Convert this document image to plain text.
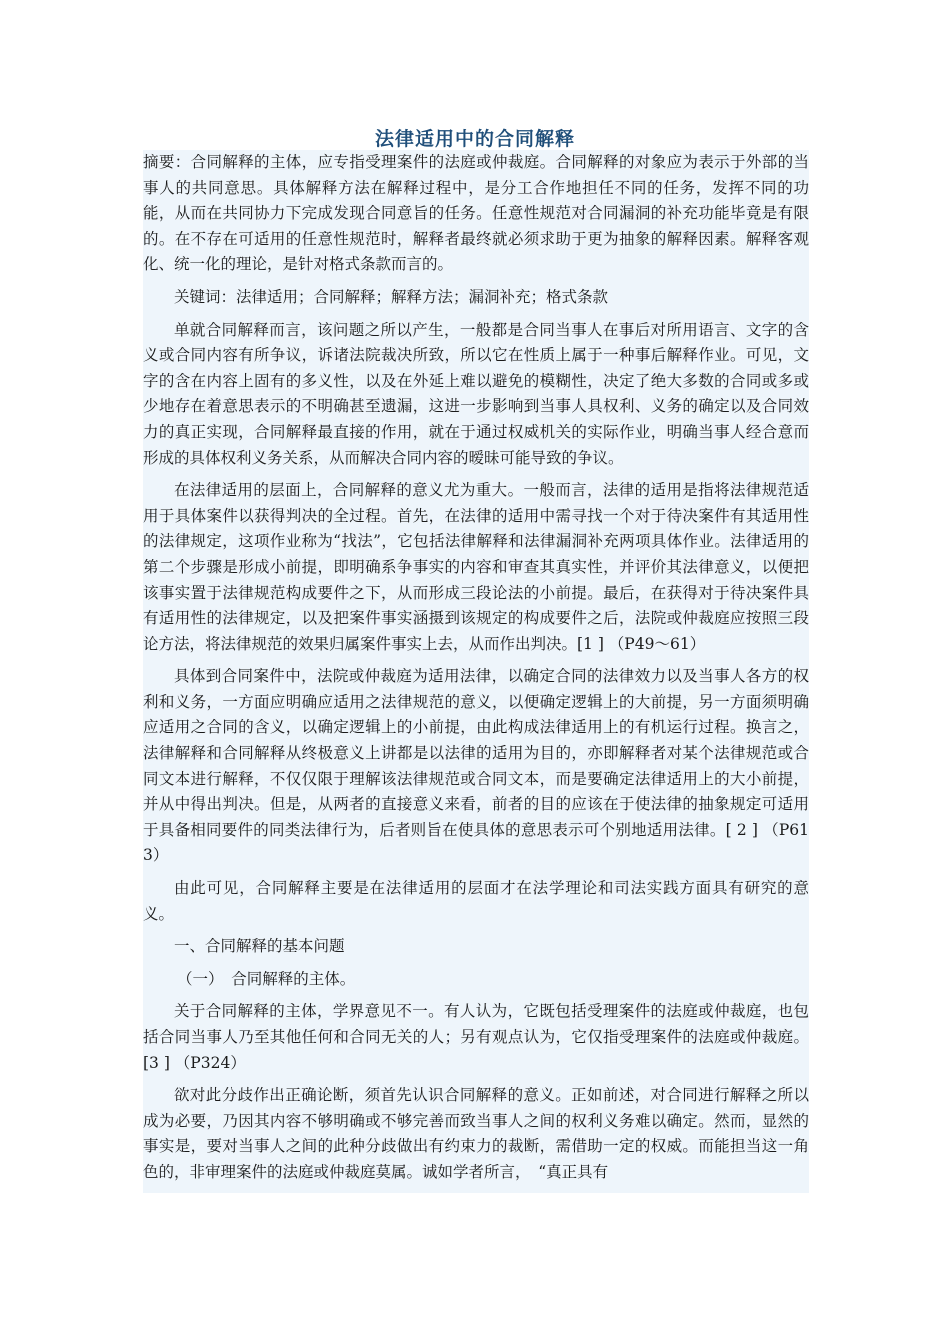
法律适用中的合同解释

摘要：合同解释的主体，应专指受理案件的法庭或仲裁庭。合同解释的对象应为表示于外部的当事人的共同意思。具体解释方法在解释过程中，是分工合作地担任不同的任务，发挥不同的功能，从而在共同协力下完成发现合同意旨的任务。任意性规范对合同漏洞的补充功能毕竟是有限的。在不存在可适用的任意性规范时，解释者最终就必须求助于更为抽象的解释因素。解释客观化、统一化的理论，是针对格式条款而言的。

关键词：法律适用；合同解释；解释方法；漏洞补充；格式条款

单就合同解释而言，该问题之所以产生，一般都是合同当事人在事后对所用语言、文字的含义或合同内容有所争议，诉诸法院裁决所致，所以它在性质上属于一种事后解释作业。可见，文字的含在内容上固有的多义性，以及在外延上难以避免的模糊性，决定了绝大多数的合同或多或少地存在着意思表示的不明确甚至遗漏，这进一步影响到当事人具权利、义务的确定以及合同效力的真正实现，合同解释最直接的作用，就在于通过权威机关的实际作业，明确当事人经合意而形成的具体权利义务关系，从而解决合同内容的暧昧可能导致的争议。

在法律适用的层面上，合同解释的意义尤为重大。一般而言，法律的适用是指将法律规范适用于具体案件以获得判决的全过程。首先，在法律的适用中需寻找一个对于待决案件有其适用性的法律规定，这项作业称为“找法”，它包括法律解释和法律漏洞补充两项具体作业。法律适用的第二个步骤是形成小前提，即明确系争事实的内容和审查其真实性，并评价其法律意义，以便把该事实置于法律规范构成要件之下，从而形成三段论法的小前提。最后，在获得对于待决案件具有适用性的法律规定，以及把案件事实涵摄到该规定的构成要件之后，法院或仲裁庭应按照三段论方法，将法律规范的效果归属案件事实上去，从而作出判决。[1 ] （P49～61）

具体到合同案件中，法院或仲裁庭为适用法律，以确定合同的法律效力以及当事人各方的权利和义务，一方面应明确应适用之法律规范的意义，以便确定逻辑上的大前提，另一方面须明确应适用之合同的含义，以确定逻辑上的小前提，由此构成法律适用上的有机运行过程。换言之，法律解释和合同解释从终极意义上讲都是以法律的适用为目的，亦即解释者对某个法律规范或合同文本进行解释，不仅仅限于理解该法律规范或合同文本，而是要确定法律适用上的大小前提，并从中得出判决。但是，从两者的直接意义来看，前者的目的应该在于使法律的抽象规定可适用于具备相同要件的同类法律行为，后者则旨在使具体的意思表示可个别地适用法律。[ 2 ] （P613）

由此可见，合同解释主要是在法律适用的层面才在法学理论和司法实践方面具有研究的意义。

一、合同解释的基本问题

（一）　合同解释的主体。

关于合同解释的主体，学界意见不一。有人认为，它既包括受理案件的法庭或仲裁庭，也包括合同当事人乃至其他任何和合同无关的人；另有观点认为，它仅指受理案件的法庭或仲裁庭。[3 ] （P324）

欲对此分歧作出正确论断，须首先认识合同解释的意义。正如前述，对合同进行解释之所以成为必要，乃因其内容不够明确或不够完善而致当事人之间的权利义务难以确定。然而，显然的事实是，要对当事人之间的此种分歧做出有约束力的裁断，需借助一定的权威。而能担当这一角色的，非审理案件的法庭或仲裁庭莫属。诚如学者所言，　“真正具有
